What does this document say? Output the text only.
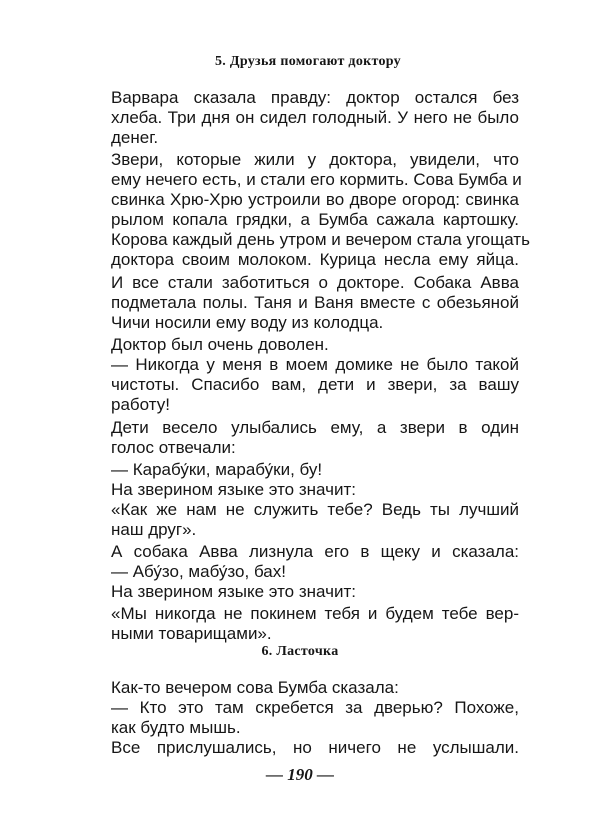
5. Друзья помогают доктору
Варвара сказала правду: доктор остался без
хлеба. Три дня он сидел голодный. У него не было
денег.
Звери, которые жили у доктора, увидели, что
ему нечего есть, и стали его кормить. Сова Бумба и
свинка Хрю-Хрю устроили во дворе огород: свинка
рылом копала грядки, а Бумба сажала картошку.
Корова каждый день утром и вечером стала угощать
доктора своим молоком. Курица несла ему яйца.
И все стали заботиться о докторе. Собака Авва
подметала полы. Таня и Ваня вместе с обезьяной
Чичи носили ему воду из колодца.
Доктор был очень доволен.
— Никогда у меня в моем домике не было такой
чистоты. Спасибо вам, дети и звери, за вашу
работу!
Дети весело улыбались ему, а звери в один
голос отвечали:
— Карабу́ки, марабу́ки, бу!
На зверином языке это значит:
«Как же нам не служить тебе? Ведь ты лучший
наш друг».
А собака Авва лизнула его в щеку и сказала:
— Абу́зо, мабу́зо, бах!
На зверином языке это значит:
«Мы никогда не покинем тебя и будем тебе вер-
ными товарищами».
6. Ласточка
Как-то вечером сова Бумба сказала:
— Кто это там скребется за дверью? Похоже,
как будто мышь.
Все прислушались, но ничего не услышали.
— 190 —
